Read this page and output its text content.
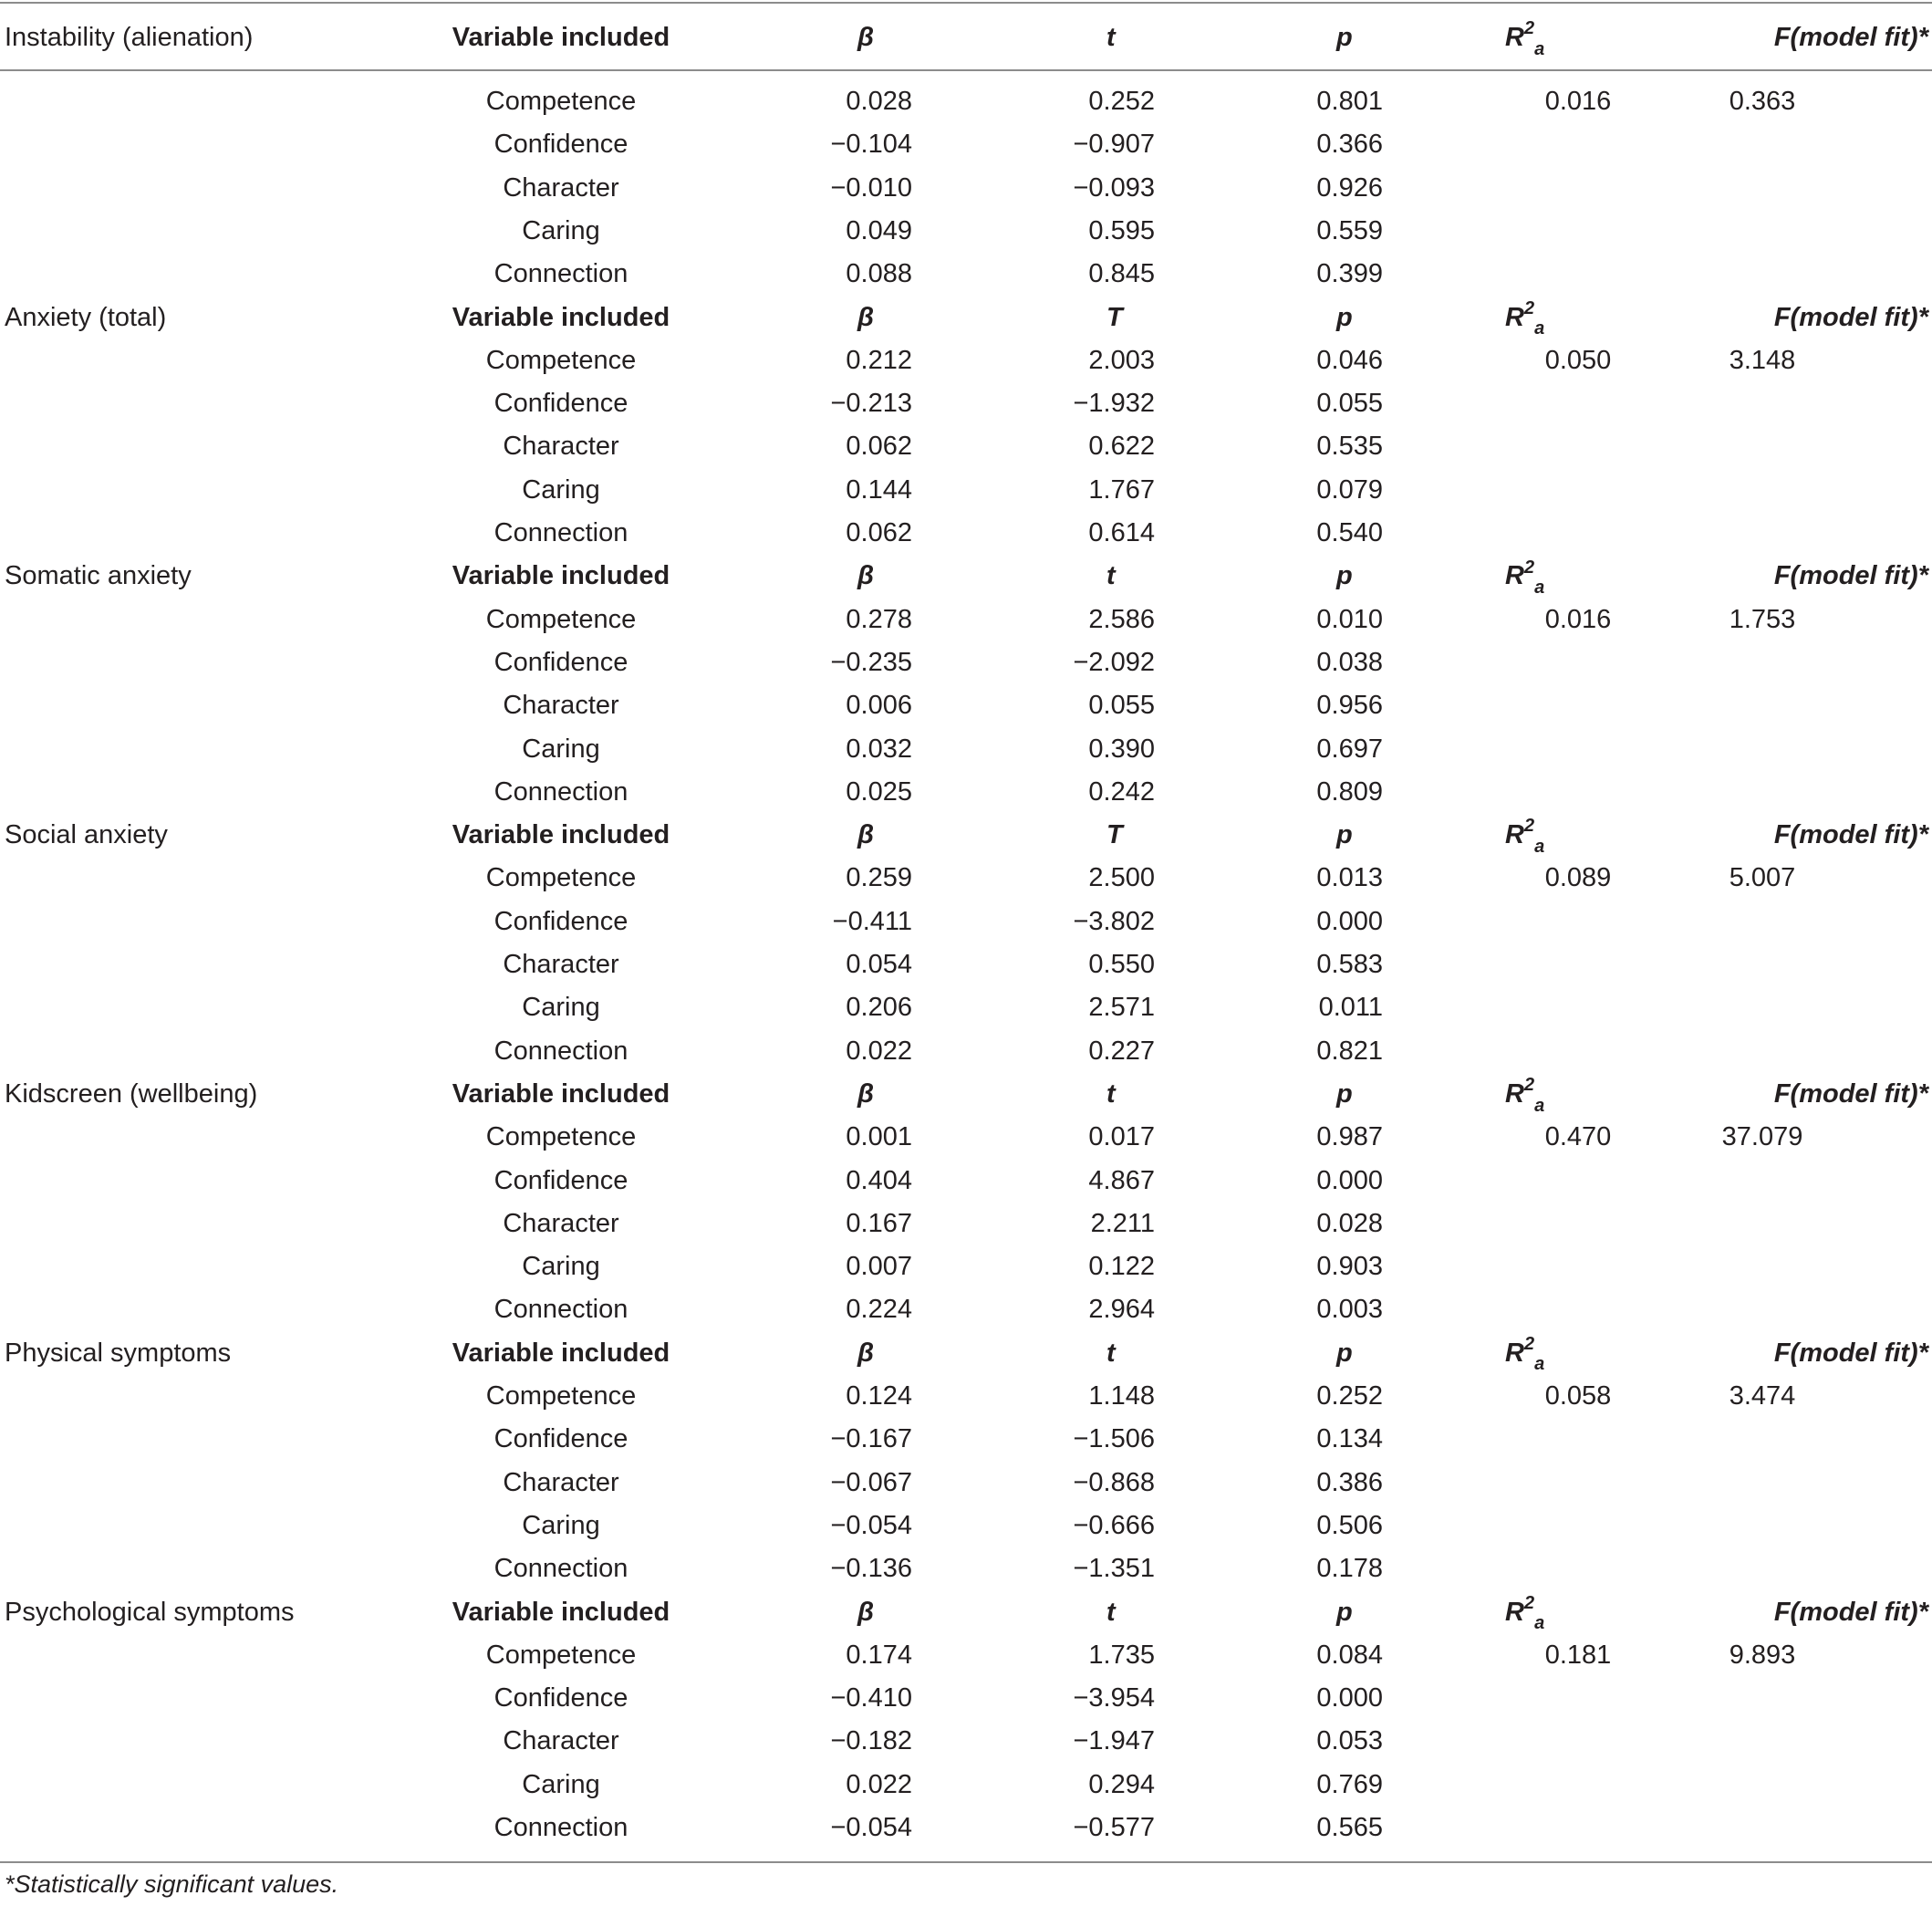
Instability (alienation)	Variable included	β	t	p	$R^2_a$	F(model fit)*
Competence	0.028	0.252	0.801	0.016	0.363
Confidence	−0.104	−0.907	0.366
Character	−0.010	−0.093	0.926
Caring	0.049	0.595	0.559
Connection	0.088	0.845	0.399
Anxiety (total)	Variable included	β	T	p	$R^2_a$	F(model fit)*
Competence	0.212	2.003	0.046	0.050	3.148
Confidence	−0.213	−1.932	0.055
Character	0.062	0.622	0.535
Caring	0.144	1.767	0.079
Connection	0.062	0.614	0.540
Somatic anxiety	Variable included	β	t	p	$R^2_a$	F(model fit)*
Competence	0.278	2.586	0.010	0.016	1.753
Confidence	−0.235	−2.092	0.038
Character	0.006	0.055	0.956
Caring	0.032	0.390	0.697
Connection	0.025	0.242	0.809
Social anxiety	Variable included	β	T	p	$R^2_a$	F(model fit)*
Competence	0.259	2.500	0.013	0.089	5.007
Confidence	−0.411	−3.802	0.000
Character	0.054	0.550	0.583
Caring	0.206	2.571	0.011
Connection	0.022	0.227	0.821
Kidscreen (wellbeing)	Variable included	β	t	p	$R^2_a$	F(model fit)*
Competence	0.001	0.017	0.987	0.470	37.079
Confidence	0.404	4.867	0.000
Character	0.167	2.211	0.028
Caring	0.007	0.122	0.903
Connection	0.224	2.964	0.003
Physical symptoms	Variable included	β	t	p	$R^2_a$	F(model fit)*
Competence	0.124	1.148	0.252	0.058	3.474
Confidence	−0.167	−1.506	0.134
Character	−0.067	−0.868	0.386
Caring	−0.054	−0.666	0.506
Connection	−0.136	−1.351	0.178
Psychological symptoms	Variable included	β	t	p	$R^2_a$	F(model fit)*
Competence	0.174	1.735	0.084	0.181	9.893
Confidence	−0.410	−3.954	0.000
Character	−0.182	−1.947	0.053
Caring	0.022	0.294	0.769
Connection	−0.054	−0.577	0.565
*Statistically significant values.
